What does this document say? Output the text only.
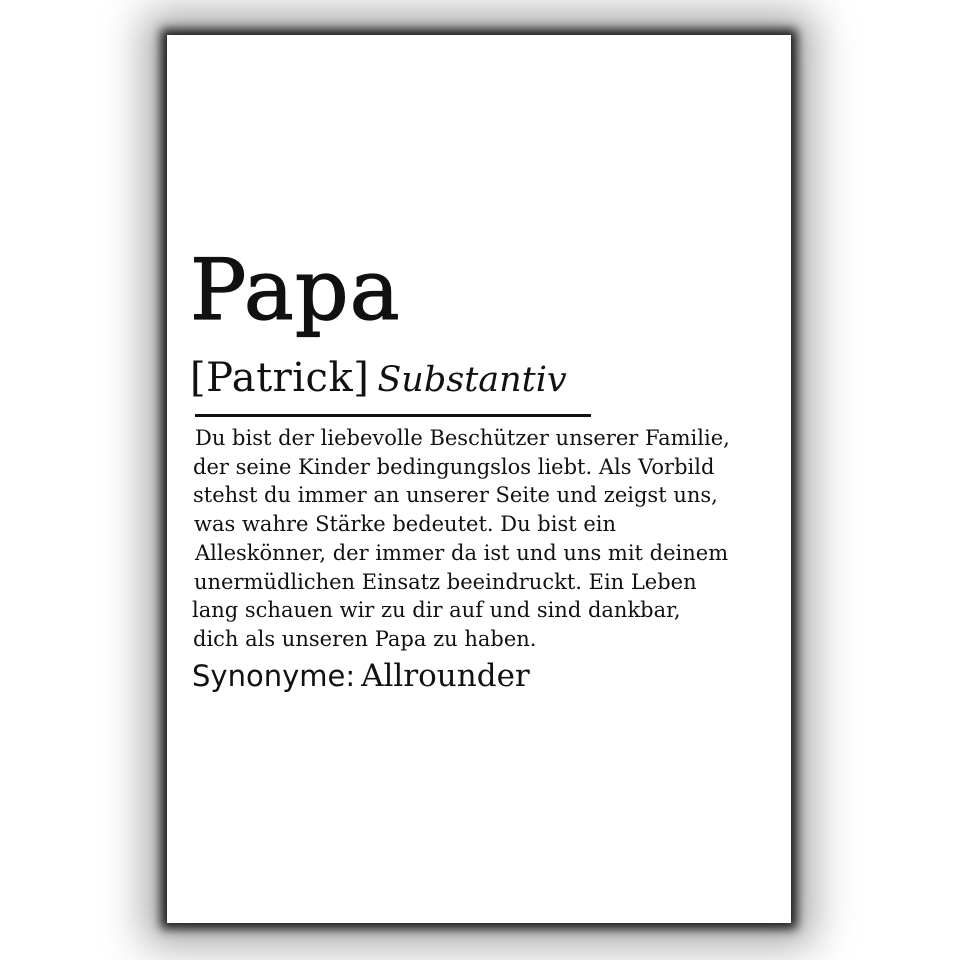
Papa
[Patrick] Substantiv
Du bist der liebevolle Beschützer unserer Familie,
der seine Kinder bedingungslos liebt. Als Vorbild
stehst du immer an unserer Seite und zeigst uns,
was wahre Stärke bedeutet. Du bist ein
Alleskönner, der immer da ist und uns mit deinem
unermüdlichen Einsatz beeindruckt. Ein Leben
lang schauen wir zu dir auf und sind dankbar,
dich als unseren Papa zu haben.
Synonyme: Allrounder
